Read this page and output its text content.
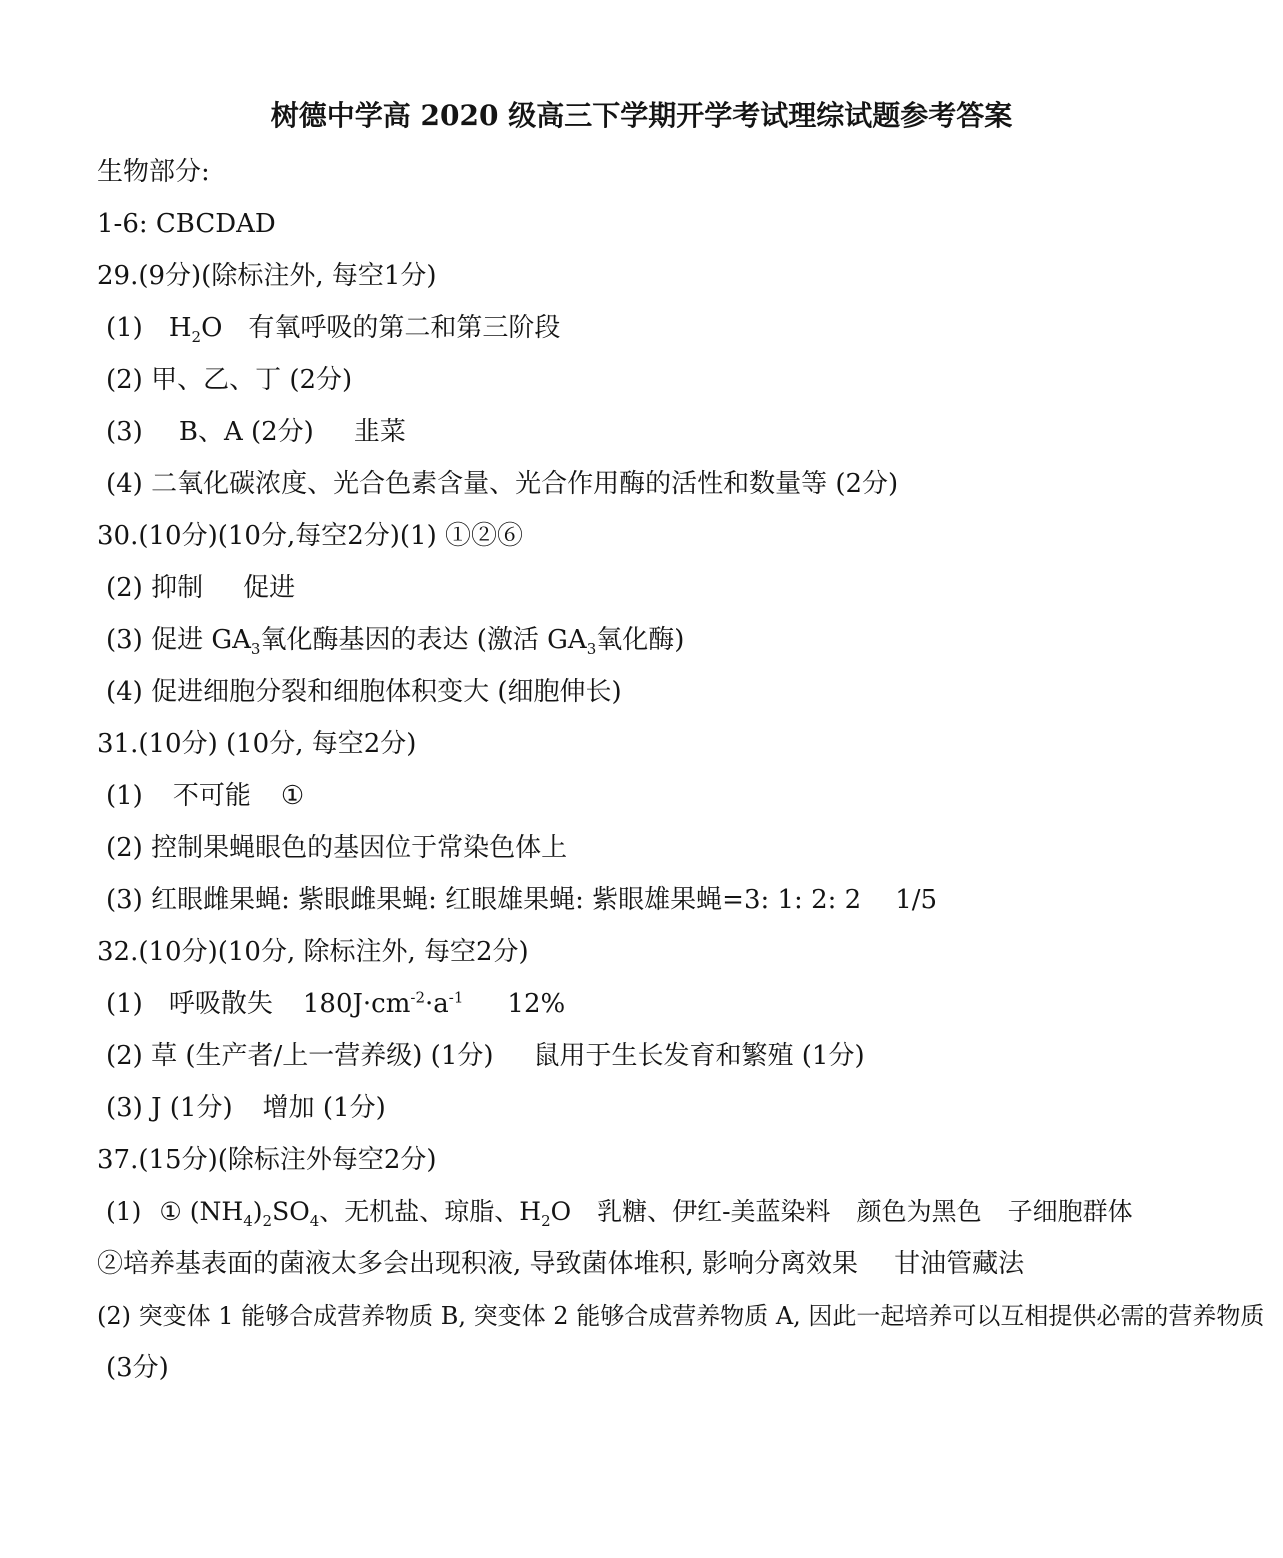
树德中学高 2020 级高三下学期开学考试理综试题参考答案
生物部分:
1-6: CBCDAD
29.(9分)(除标注外, 每空1分)
(1) $H_2O$ 有氧呼吸的第二和第三阶段
(2) 甲、乙、丁 (2分)
(3) B、A (2分) 韭菜
(4) 二氧化碳浓度、光合色素含量、光合作用酶的活性和数量等 (2分)
30.(10分)(10分,每空2分)(1) ①②⑥
(2) 抑制 促进
(3) 促进 $GA_3$氧化酶基因的表达 (激活 $GA_3$氧化酶)
(4) 促进细胞分裂和细胞体积变大 (细胞伸长)
31.(10分) (10分, 每空2分)
(1) 不可能 ①
(2) 控制果蝇眼色的基因位于常染色体上
(3) 红眼雌果蝇: 紫眼雌果蝇: 红眼雄果蝇: 紫眼雄果蝇=3: 1: 2: 2 1/5
32.(10分)(10分, 除标注外, 每空2分)
(1) 呼吸散失 $180J\cdot cm^{-2}\cdot a^{-1}$ 12%
(2) 草 (生产者/上一营养级) (1分) 鼠用于生长发育和繁殖 (1分)
(3) J (1分) 增加 (1分)
37.(15分)(除标注外每空2分)
(1) ① $(NH_4)_2SO_4$、无机盐、琼脂、$H_2O$ 乳糖、伊红-美蓝染料 颜色为黑色 子细胞群体
②培养基表面的菌液太多会出现积液, 导致菌体堆积, 影响分离效果 甘油管藏法
(2) 突变体 1 能够合成营养物质 B, 突变体 2 能够合成营养物质 A, 因此一起培养可以互相提供必需的营养物质
(3分)
